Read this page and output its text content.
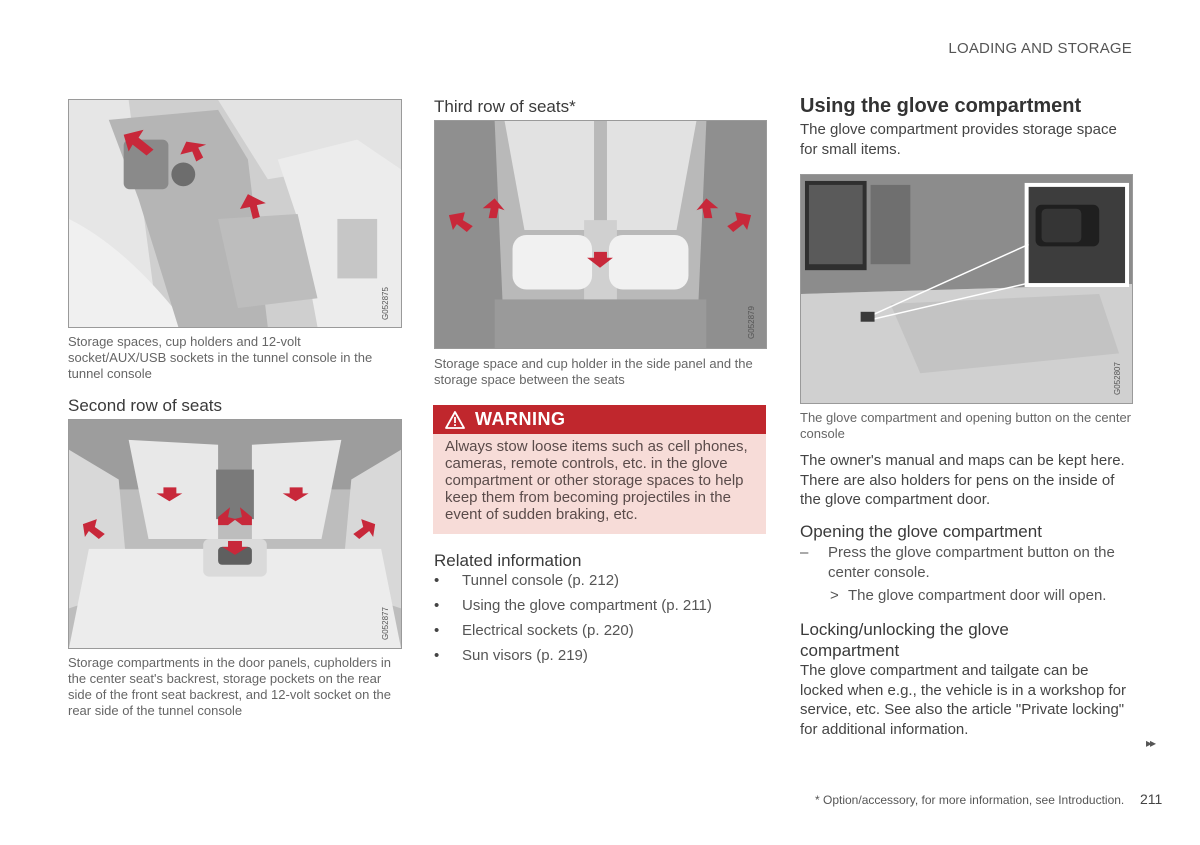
LOADING AND STORAGE
G052875
Storage spaces, cup holders and 12-volt socket/AUX/USB sockets in the tunnel console in the tunnel console
Second row of seats
G052877
Storage compartments in the door panels, cupholders in the center seat's backrest, storage pockets on the rear side of the front seat backrest, and 12-volt socket on the rear side of the tunnel console
Third row of seats*
G052879
Storage space and cup holder in the side panel and the storage space between the seats
WARNING
Always stow loose items such as cell phones, cameras, remote controls, etc. in the glove compartment or other storage spaces to help keep them from becoming projectiles in the event of sudden braking, etc.
Related information
• Tunnel console (p. 212)
• Using the glove compartment (p. 211)
• Electrical sockets (p. 220)
• Sun visors (p. 219)
Using the glove compartment
The glove compartment provides storage space for small items.
G052807
The glove compartment and opening button on the center console
The owner's manual and maps can be kept here. There are also holders for pens on the inside of the glove compartment door.
Opening the glove compartment
– Press the glove compartment button on the center console.
> The glove compartment door will open.
Locking/unlocking the glove compartment
The glove compartment and tailgate can be locked when e.g., the vehicle is in a workshop for service, etc. See also the article "Private locking" for additional information.
▸▸
* Option/accessory, for more information, see Introduction. 211
